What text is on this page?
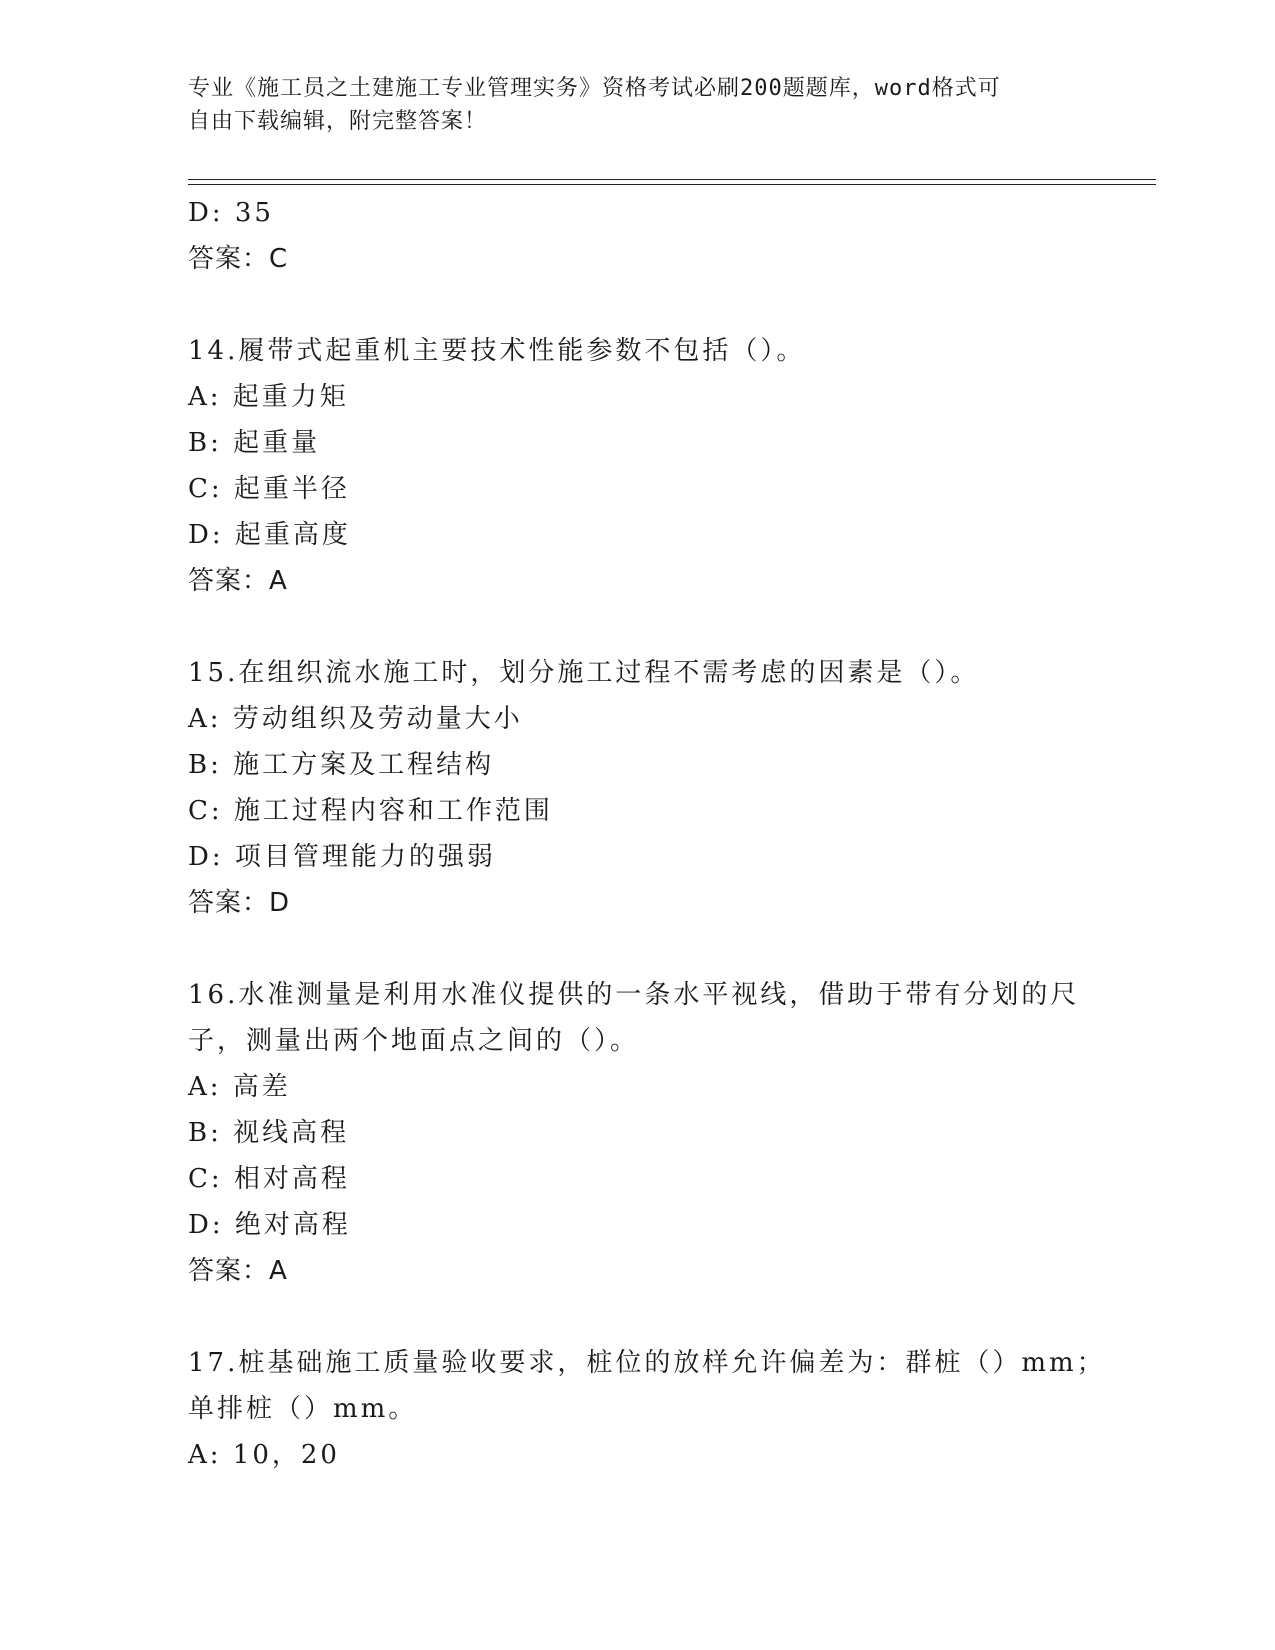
专业《施工员之土建施工专业管理实务》资格考试必刷200题题库，word格式可
自由下载编辑，附完整答案！
D: 35
答案：C
14.履带式起重机主要技术性能参数不包括（）。
A: 起重力矩
B: 起重量
C: 起重半径
D: 起重高度
答案：A
15.在组织流水施工时，划分施工过程不需考虑的因素是（）。
A: 劳动组织及劳动量大小
B: 施工方案及工程结构
C: 施工过程内容和工作范围
D: 项目管理能力的强弱
答案：D
16.水准测量是利用水准仪提供的一条水平视线，借助于带有分划的尺
子，测量出两个地面点之间的（）。
A: 高差
B: 视线高程
C: 相对高程
D: 绝对高程
答案：A
17.桩基础施工质量验收要求，桩位的放样允许偏差为：群桩（）mm；
单排桩（）mm。
A: 10，20
